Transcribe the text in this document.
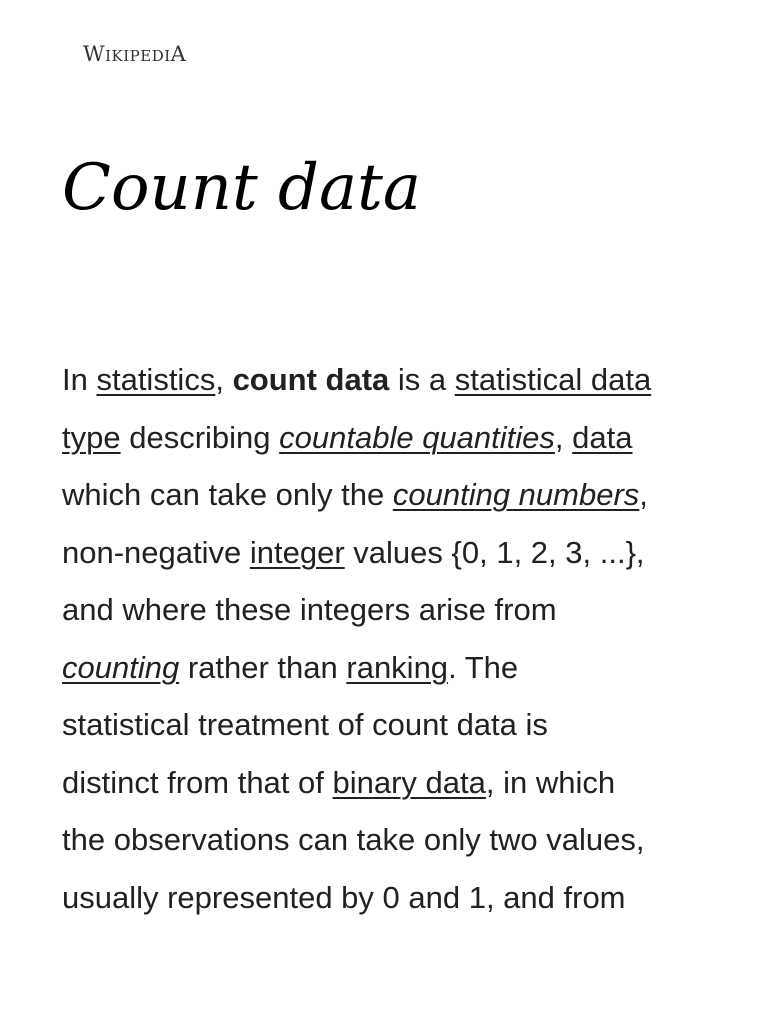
WIKIPEDIA
Count data
In statistics, count data is a statistical data
type describing countable quantities, data
which can take only the counting numbers,
non-negative integer values {0, 1, 2, 3, ...},
and where these integers arise from
counting rather than ranking. The
statistical treatment of count data is
distinct from that of binary data, in which
the observations can take only two values,
usually represented by 0 and 1, and from
